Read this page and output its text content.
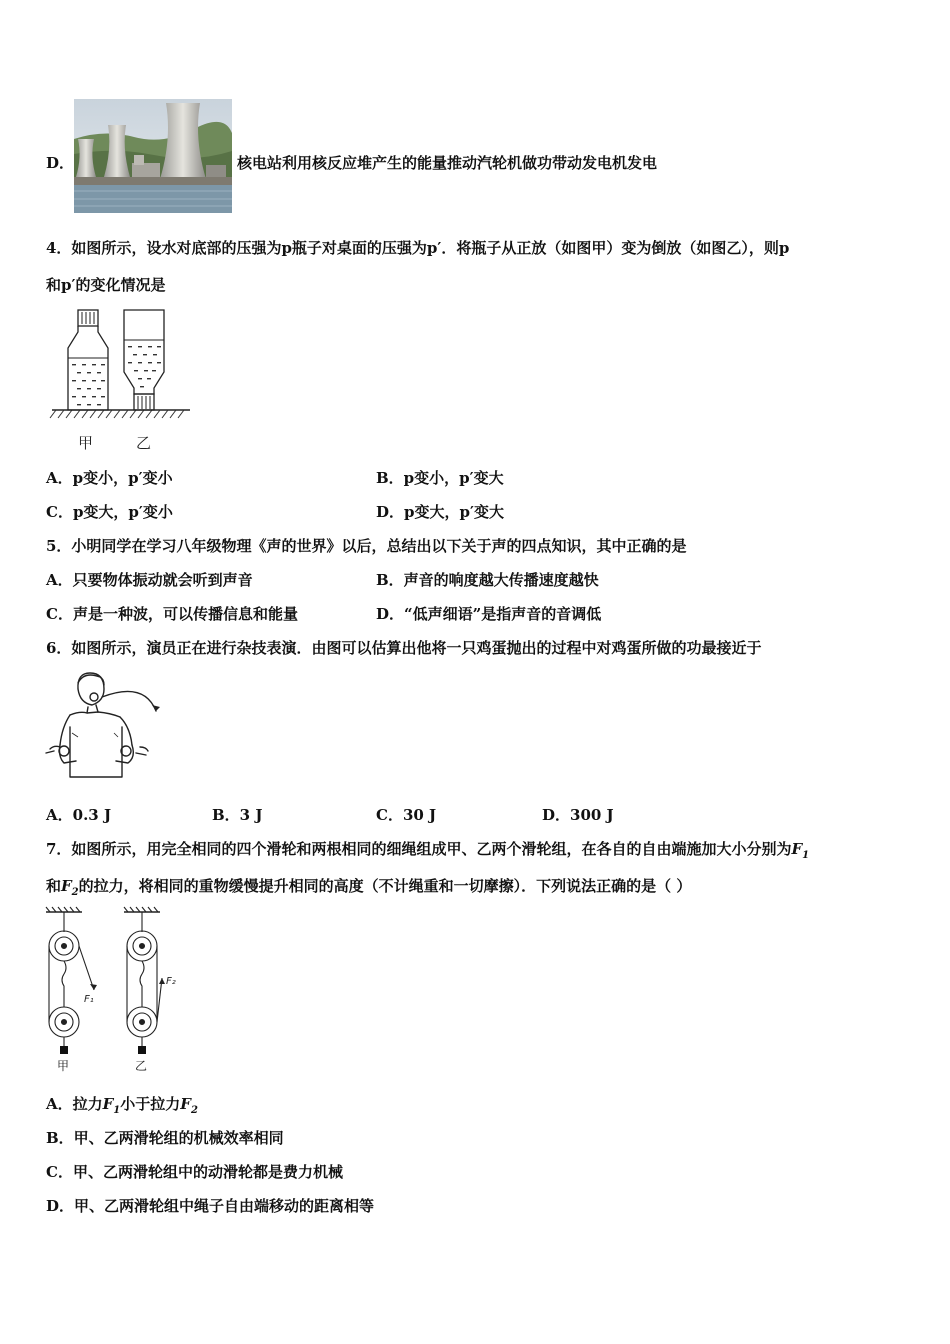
D．	核电站利用核反应堆产生的能量推动汽轮机做功带动发电机发电
4．如图所示，设水对底部的压强为p瓶子对桌面的压强为p′．将瓶子从正放（如图甲）变为倒放（如图乙），则p
和p′的变化情况是
甲	乙
A．p变小，p′变小	B．p变小，p′变大
C．p变大，p′变小	D．p变大，p′变大
5．小明同学在学习八年级物理《声的世界》以后，总结出以下关于声的四点知识，其中正确的是
A．只要物体振动就会听到声音	B．声音的响度越大传播速度越快
C．声是一种波，可以传播信息和能量	D．“低声细语”是指声音的音调低
6．如图所示，演员正在进行杂技表演．由图可以估算出他将一只鸡蛋抛出的过程中对鸡蛋所做的功最接近于
A．0.3 J	B．3 J	C．30 J	D．300 J
7．如图所示，用完全相同的四个滑轮和两根相同的细绳组成甲、乙两个滑轮组，在各自的自由端施加大小分别为$F_1$
和$F_2$的拉力，将相同的重物缓慢提升相同的高度（不计绳重和一切摩擦）．下列说法正确的是（ ）
F₁
F₂
甲	乙
A．拉力$F_1$小于拉力$F_2$
B．甲、乙两滑轮组的机械效率相同
C．甲、乙两滑轮组中的动滑轮都是费力机械
D．甲、乙两滑轮组中绳子自由端移动的距离相等
